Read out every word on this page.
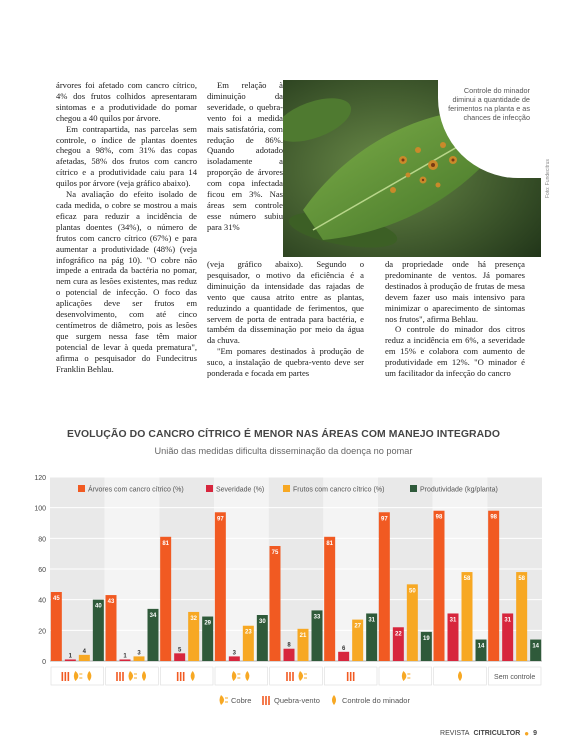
árvores foi afetado com cancro cítrico, 4% dos frutos colhidos apresentaram sintomas e a produtividade do pomar chegou a 40 quilos por árvore.

Em contrapartida, nas parcelas sem controle, o índice de plantas doentes chegou a 98%, com 31% das copas afetadas, 58% dos frutos com cancro cítrico e a produtividade caiu para 14 quilos por árvore (veja gráfico abaixo).

Na avaliação do efeito isolado de cada medida, o cobre se mostrou a mais eficaz para reduzir a incidência de plantas doentes (34%), o número de frutos com cancro cítrico (67%) e para aumentar a produtividade (48%) (veja infográfico na pág 10). "O cobre não impede a entrada da bactéria no pomar, nem cura as lesões existentes, mas reduz o potencial de infecção. O foco das aplicações deve ser frutos em desenvolvimento, com até cinco centímetros de diâmetro, pois as lesões que surgem nessa fase têm maior potencial de levar à queda prematura", afirma o pesquisador do Fundecitrus Franklin Behlau.

Em relação à diminuição da severidade, o quebra-vento foi a medida mais satisfatória, com redução de 86%. Quando adotado isoladamente a proporção de árvores com copa infectada ficou em 3%. Nas áreas sem controle esse número subiu para 31%

(veja gráfico abaixo). Segundo o pesquisador, o motivo da eficiência é a diminuição da intensidade das rajadas de vento que causa atrito entre as plantas, reduzindo a quantidade de ferimentos, que servem de porta de entrada para bactéria, e também da disseminação por meio da água da chuva.

"Em pomares destinados à produção de suco, a instalação de quebra-vento deve ser ponderada e focada em partes

da propriedade onde há presença predominante de ventos. Já pomares destinados à produção de frutas de mesa devem fazer uso mais intensivo para minimizar o aparecimento de sintomas nos frutos", afirma Behlau.

O controle do minador dos citros reduz a incidência em 6%, a severidade em 15% e colabora com aumento de produtividade em 12%. "O minador é um facilitador da infecção do cancro

Controle do minador diminui a quantidade de ferimentos na planta e as chances de infecção
Foto: Fundecitrus
EVOLUÇÃO DO CANCRO CÍTRICO É MENOR NAS ÁREAS COM MANEJO INTEGRADO
União das medidas dificulta disseminação da doença no pomar
0
20
40
60
80
100
120
45
43
81
97
75
81
97	98	98
1	1
5
3
8
6
22
31	31
4	3
32
23
21
27
50
58	58
40
34
29	30
33
31
19
14	14
Árvores com cancro cítrico (%)	Severidade (%)	Frutos com cancro cítrico (%)	Produtividade (kg/planta)
Sem controle
Cobre	Quebra-vento	Controle do minador
REVISTA CITRICULTOR ● 9
